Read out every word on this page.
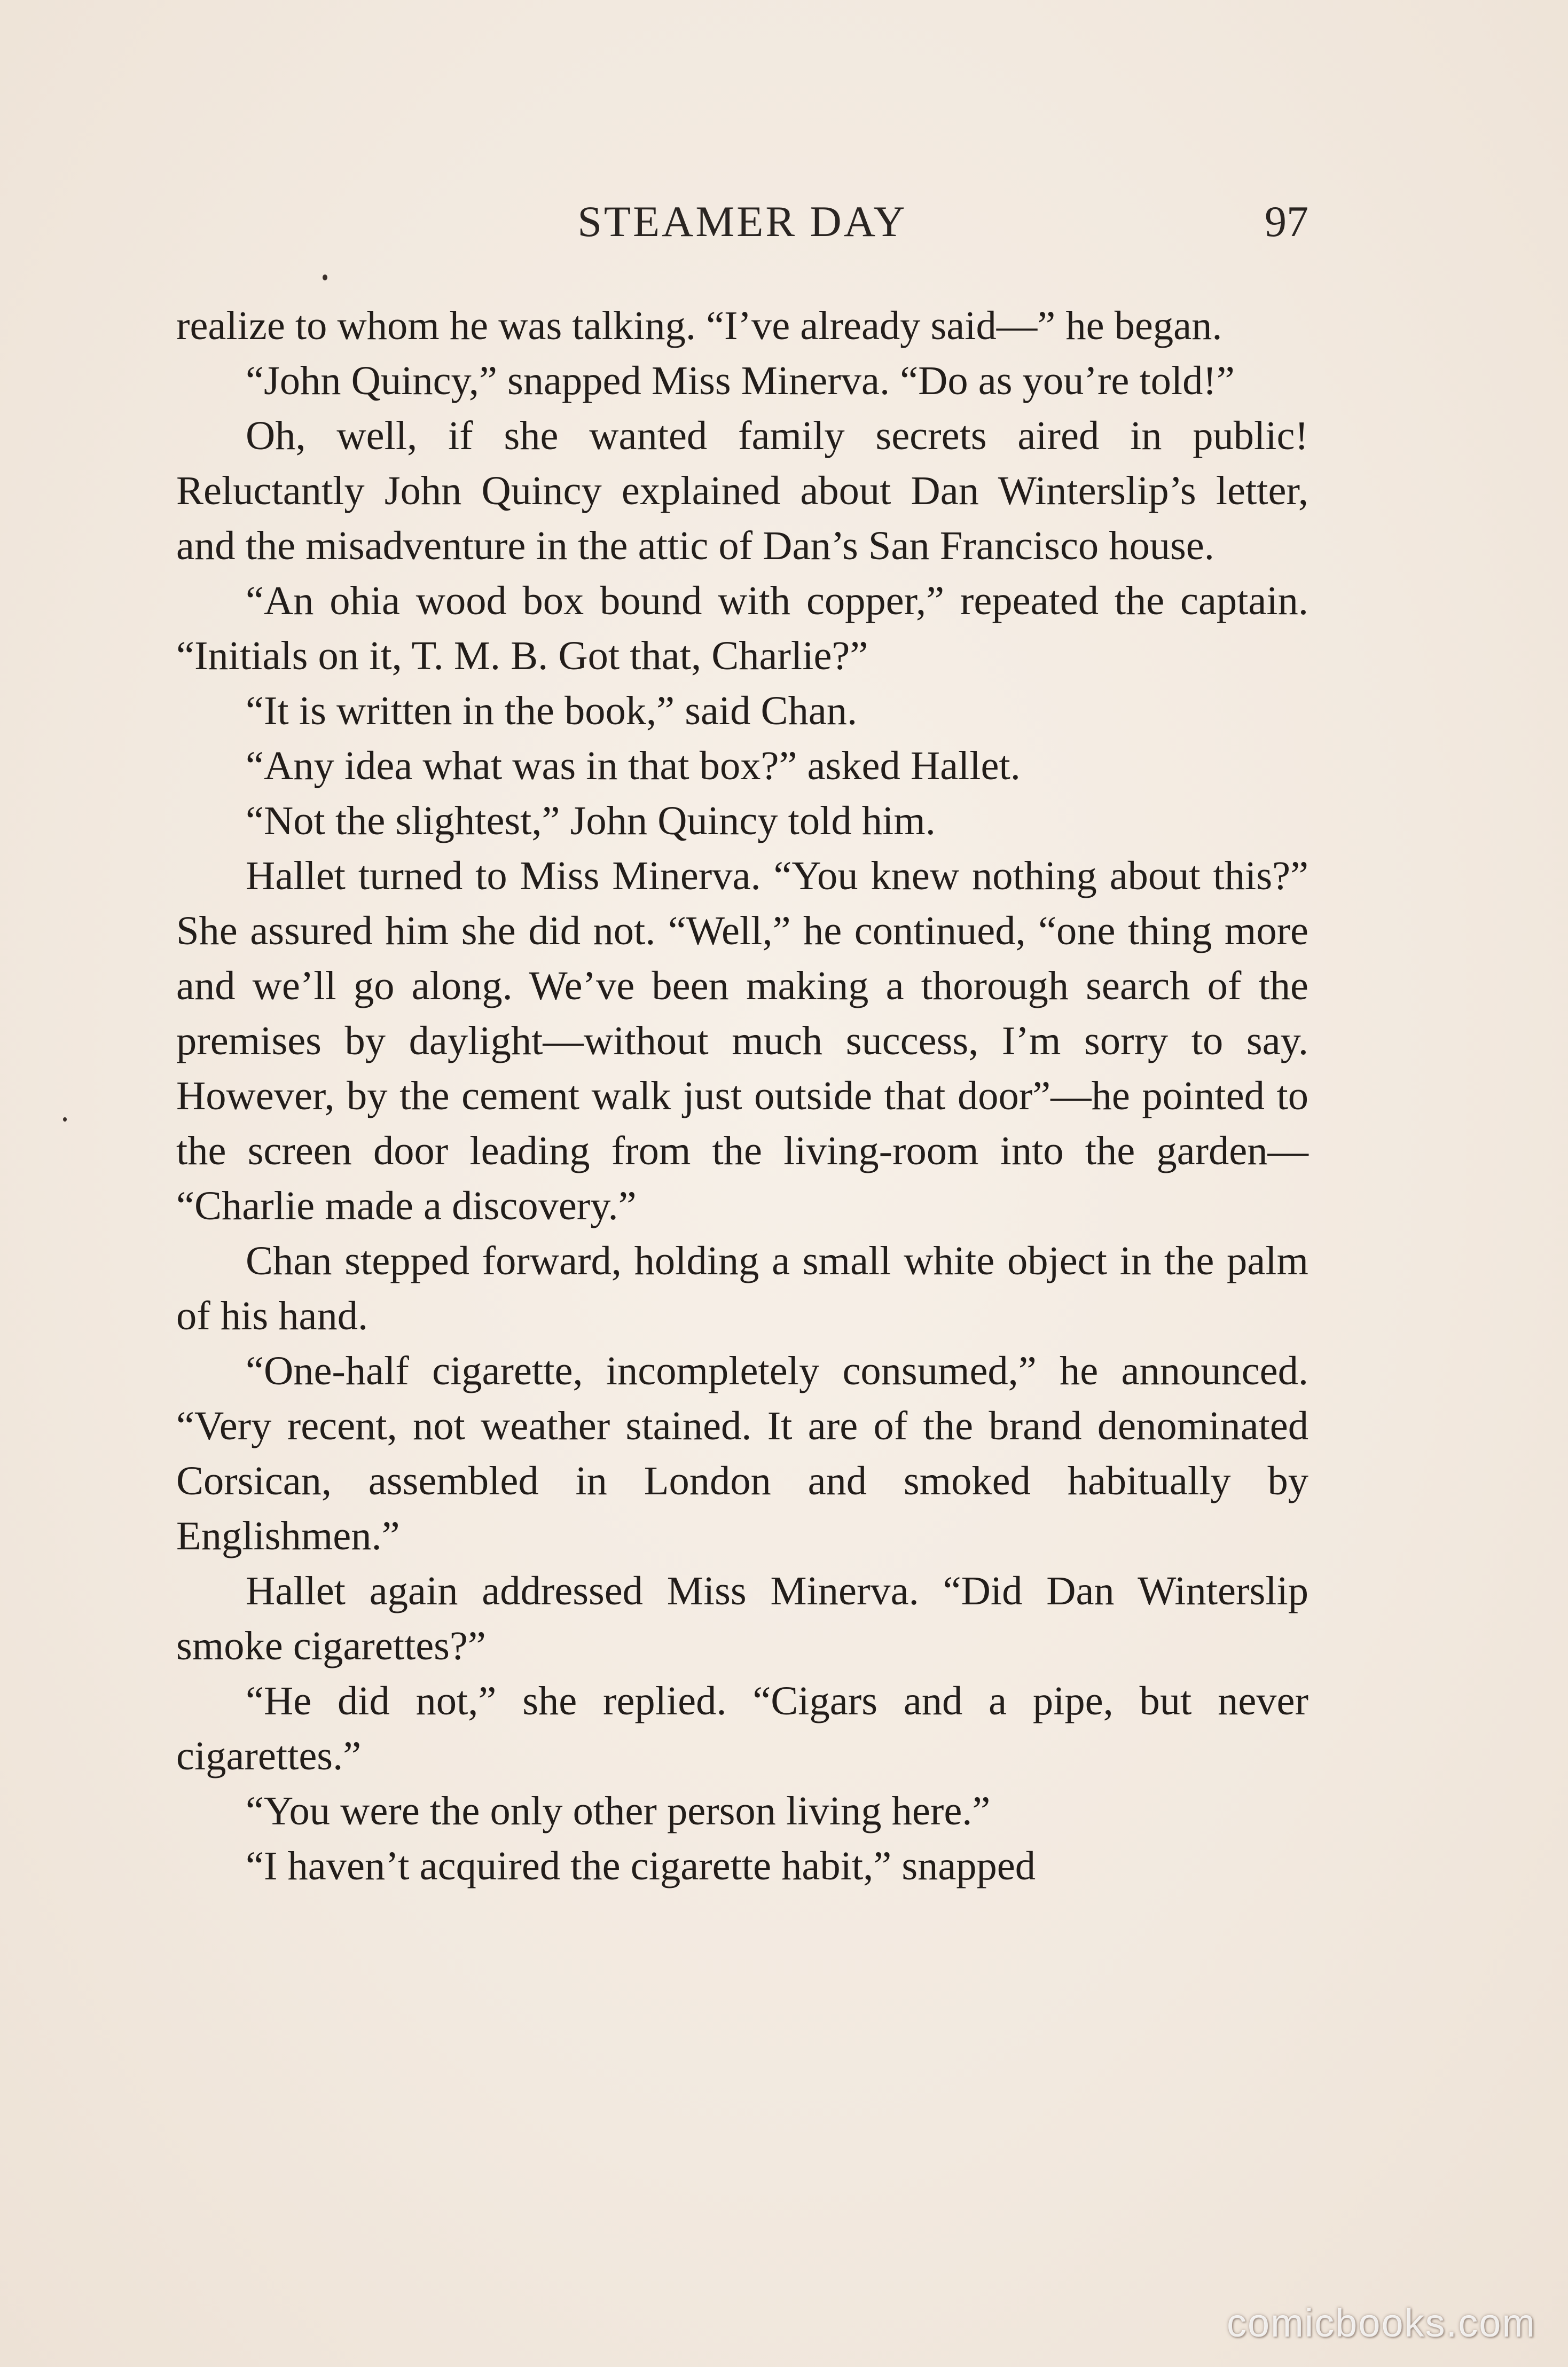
STEAMER DAY	97

realize to whom he was talking. “I’ve already said—” he began.

“John Quincy,” snapped Miss Minerva. “Do as you’re told!”

Oh, well, if she wanted family secrets aired in public! Reluctantly John Quincy explained about Dan Winterslip’s letter, and the misadventure in the attic of Dan’s San Francisco house.

“An ohia wood box bound with copper,” repeated the captain. “Initials on it, T. M. B. Got that, Charlie?”

“It is written in the book,” said Chan.

“Any idea what was in that box?” asked Hallet.

“Not the slightest,” John Quincy told him.

Hallet turned to Miss Minerva. “You knew nothing about this?” She assured him she did not. “Well,” he continued, “one thing more and we’ll go along. We’ve been making a thorough search of the premises by daylight—without much success, I’m sorry to say. However, by the cement walk just outside that door”—he pointed to the screen door leading from the living-room into the garden— “Charlie made a discovery.”

Chan stepped forward, holding a small white object in the palm of his hand.

“One-half cigarette, incompletely consumed,” he announced. “Very recent, not weather stained. It are of the brand denominated Corsican, assembled in London and smoked habitually by Englishmen.”

Hallet again addressed Miss Minerva. “Did Dan Winterslip smoke cigarettes?”

“He did not,” she replied. “Cigars and a pipe, but never cigarettes.”

“You were the only other person living here.”

“I haven’t acquired the cigarette habit,” snapped

comicbooks.com
